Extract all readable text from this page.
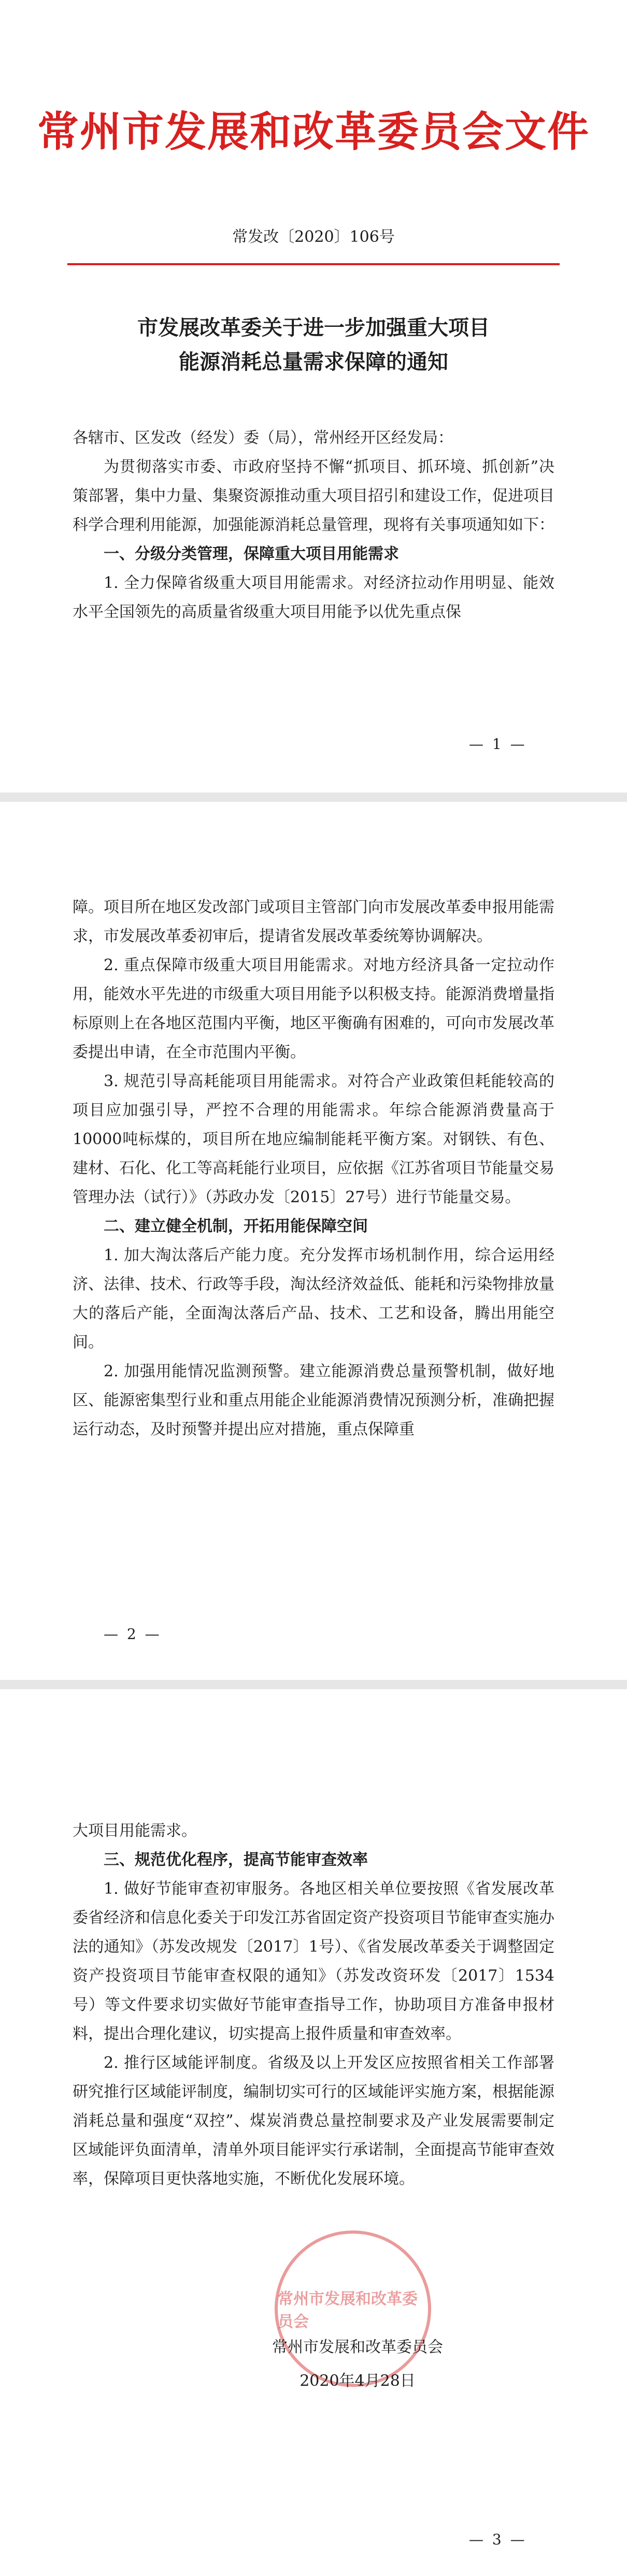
常州市发展和改革委员会文件
常发改〔2020〕106号
市发展改革委关于进一步加强重大项目
能源消耗总量需求保障的通知

各辖市、区发改（经发）委（局），常州经开区经发局：

为贯彻落实市委、市政府坚持不懈“抓项目、抓环境、抓创新”决策部署，集中力量、集聚资源推动重大项目招引和建设工作，促进项目科学合理利用能源，加强能源消耗总量管理，现将有关事项通知如下：

一、分级分类管理，保障重大项目用能需求

1. 全力保障省级重大项目用能需求。对经济拉动作用明显、能效水平全国领先的高质量省级重大项目用能予以优先重点保

— 1 —

障。项目所在地区发改部门或项目主管部门向市发展改革委申报用能需求，市发展改革委初审后，提请省发展改革委统筹协调解决。

2. 重点保障市级重大项目用能需求。对地方经济具备一定拉动作用，能效水平先进的市级重大项目用能予以积极支持。能源消费增量指标原则上在各地区范围内平衡，地区平衡确有困难的，可向市发展改革委提出申请，在全市范围内平衡。

3. 规范引导高耗能项目用能需求。对符合产业政策但耗能较高的项目应加强引导，严控不合理的用能需求。年综合能源消费量高于10000吨标煤的，项目所在地应编制能耗平衡方案。对钢铁、有色、建材、石化、化工等高耗能行业项目，应依据《江苏省项目节能量交易管理办法（试行）》（苏政办发〔2015〕27号）进行节能量交易。

二、建立健全机制，开拓用能保障空间

1. 加大淘汰落后产能力度。充分发挥市场机制作用，综合运用经济、法律、技术、行政等手段，淘汰经济效益低、能耗和污染物排放量大的落后产能，全面淘汰落后产品、技术、工艺和设备，腾出用能空间。

2. 加强用能情况监测预警。建立能源消费总量预警机制，做好地区、能源密集型行业和重点用能企业能源消费情况预测分析，准确把握运行动态，及时预警并提出应对措施，重点保障重

— 2 —

大项目用能需求。

三、规范优化程序，提高节能审查效率

1. 做好节能审查初审服务。各地区相关单位要按照《省发展改革委省经济和信息化委关于印发江苏省固定资产投资项目节能审查实施办法的通知》（苏发改规发〔2017〕1号）、《省发展改革委关于调整固定资产投资项目节能审查权限的通知》（苏发改资环发〔2017〕1534号）等文件要求切实做好节能审查指导工作，协助项目方准备申报材料，提出合理化建议，切实提高上报件质量和审查效率。

2. 推行区域能评制度。省级及以上开发区应按照省相关工作部署研究推行区域能评制度，编制切实可行的区域能评实施方案，根据能源消耗总量和强度“双控”、煤炭消费总量控制要求及产业发展需要制定区域能评负面清单，清单外项目能评实行承诺制，全面提高节能审查效率，保障项目更快落地实施，不断优化发展环境。

常州市发展和改革委员会
常州市发展和改革委员会
2020年4月28日
— 3 —
